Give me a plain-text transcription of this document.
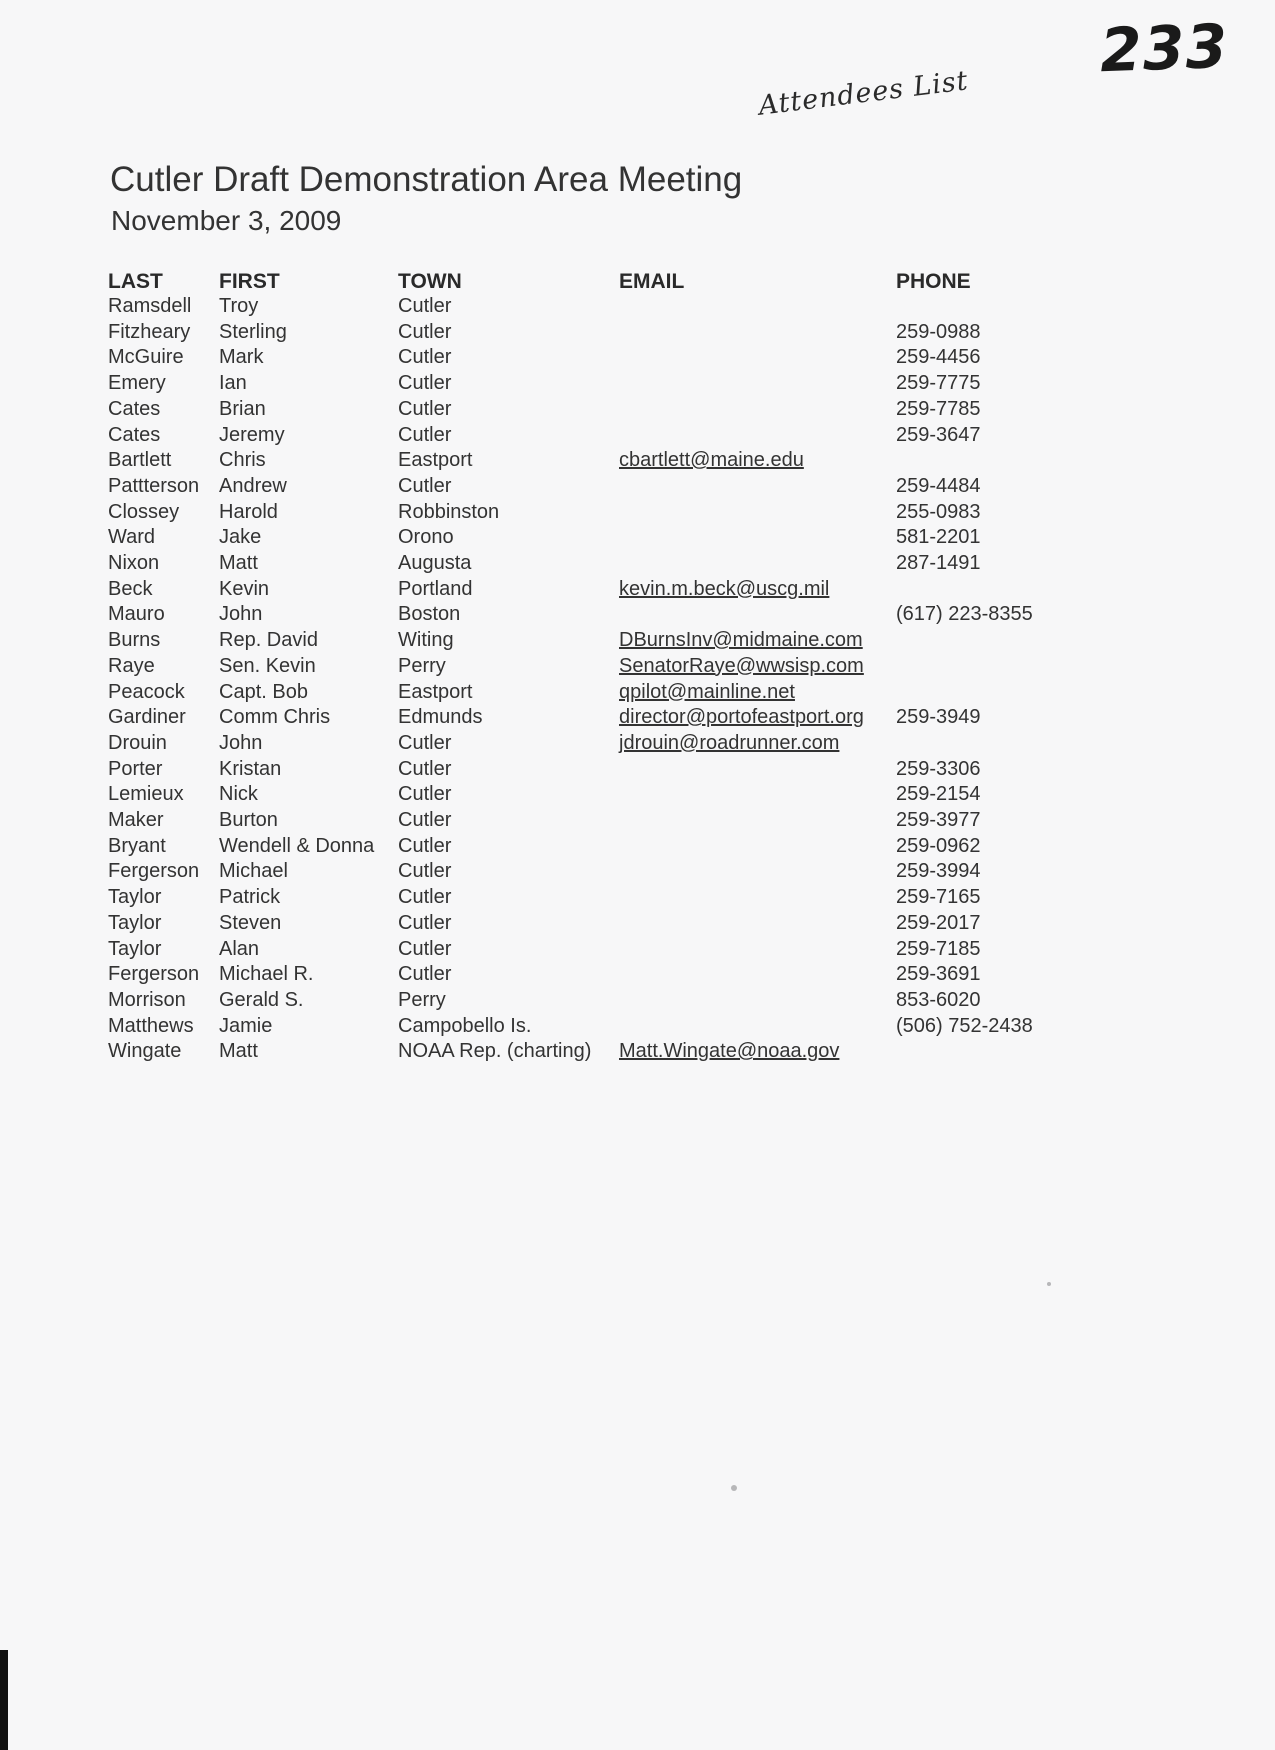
233
Attendees List
Cutler Draft Demonstration Area Meeting
November 3, 2009
LAST	FIRST	TOWN	EMAIL	PHONE
Ramsdell	Troy	Cutler		
Fitzheary	Sterling	Cutler		259-0988
McGuire	Mark	Cutler		259-4456
Emery	Ian	Cutler		259-7775
Cates	Brian	Cutler		259-7785
Cates	Jeremy	Cutler		259-3647
Bartlett	Chris	Eastport	cbartlett@maine.edu	
Pattterson	Andrew	Cutler		259-4484
Clossey	Harold	Robbinston		255-0983
Ward	Jake	Orono		581-2201
Nixon	Matt	Augusta		287-1491
Beck	Kevin	Portland	kevin.m.beck@uscg.mil	
Mauro	John	Boston		(617) 223-8355
Burns	Rep. David	Witing	DBurnsInv@midmaine.com	
Raye	Sen. Kevin	Perry	SenatorRaye@wwsisp.com	
Peacock	Capt. Bob	Eastport	qpilot@mainline.net	
Gardiner	Comm Chris	Edmunds	director@portofeastport.org	259-3949
Drouin	John	Cutler	jdrouin@roadrunner.com	
Porter	Kristan	Cutler		259-3306
Lemieux	Nick	Cutler		259-2154
Maker	Burton	Cutler		259-3977
Bryant	Wendell & Donna	Cutler		259-0962
Fergerson	Michael	Cutler		259-3994
Taylor	Patrick	Cutler		259-7165
Taylor	Steven	Cutler		259-2017
Taylor	Alan	Cutler		259-7185
Fergerson	Michael R.	Cutler		259-3691
Morrison	Gerald S.	Perry		853-6020
Matthews	Jamie	Campobello Is.		(506) 752-2438
Wingate	Matt	NOAA Rep. (charting)	Matt.Wingate@noaa.gov	
